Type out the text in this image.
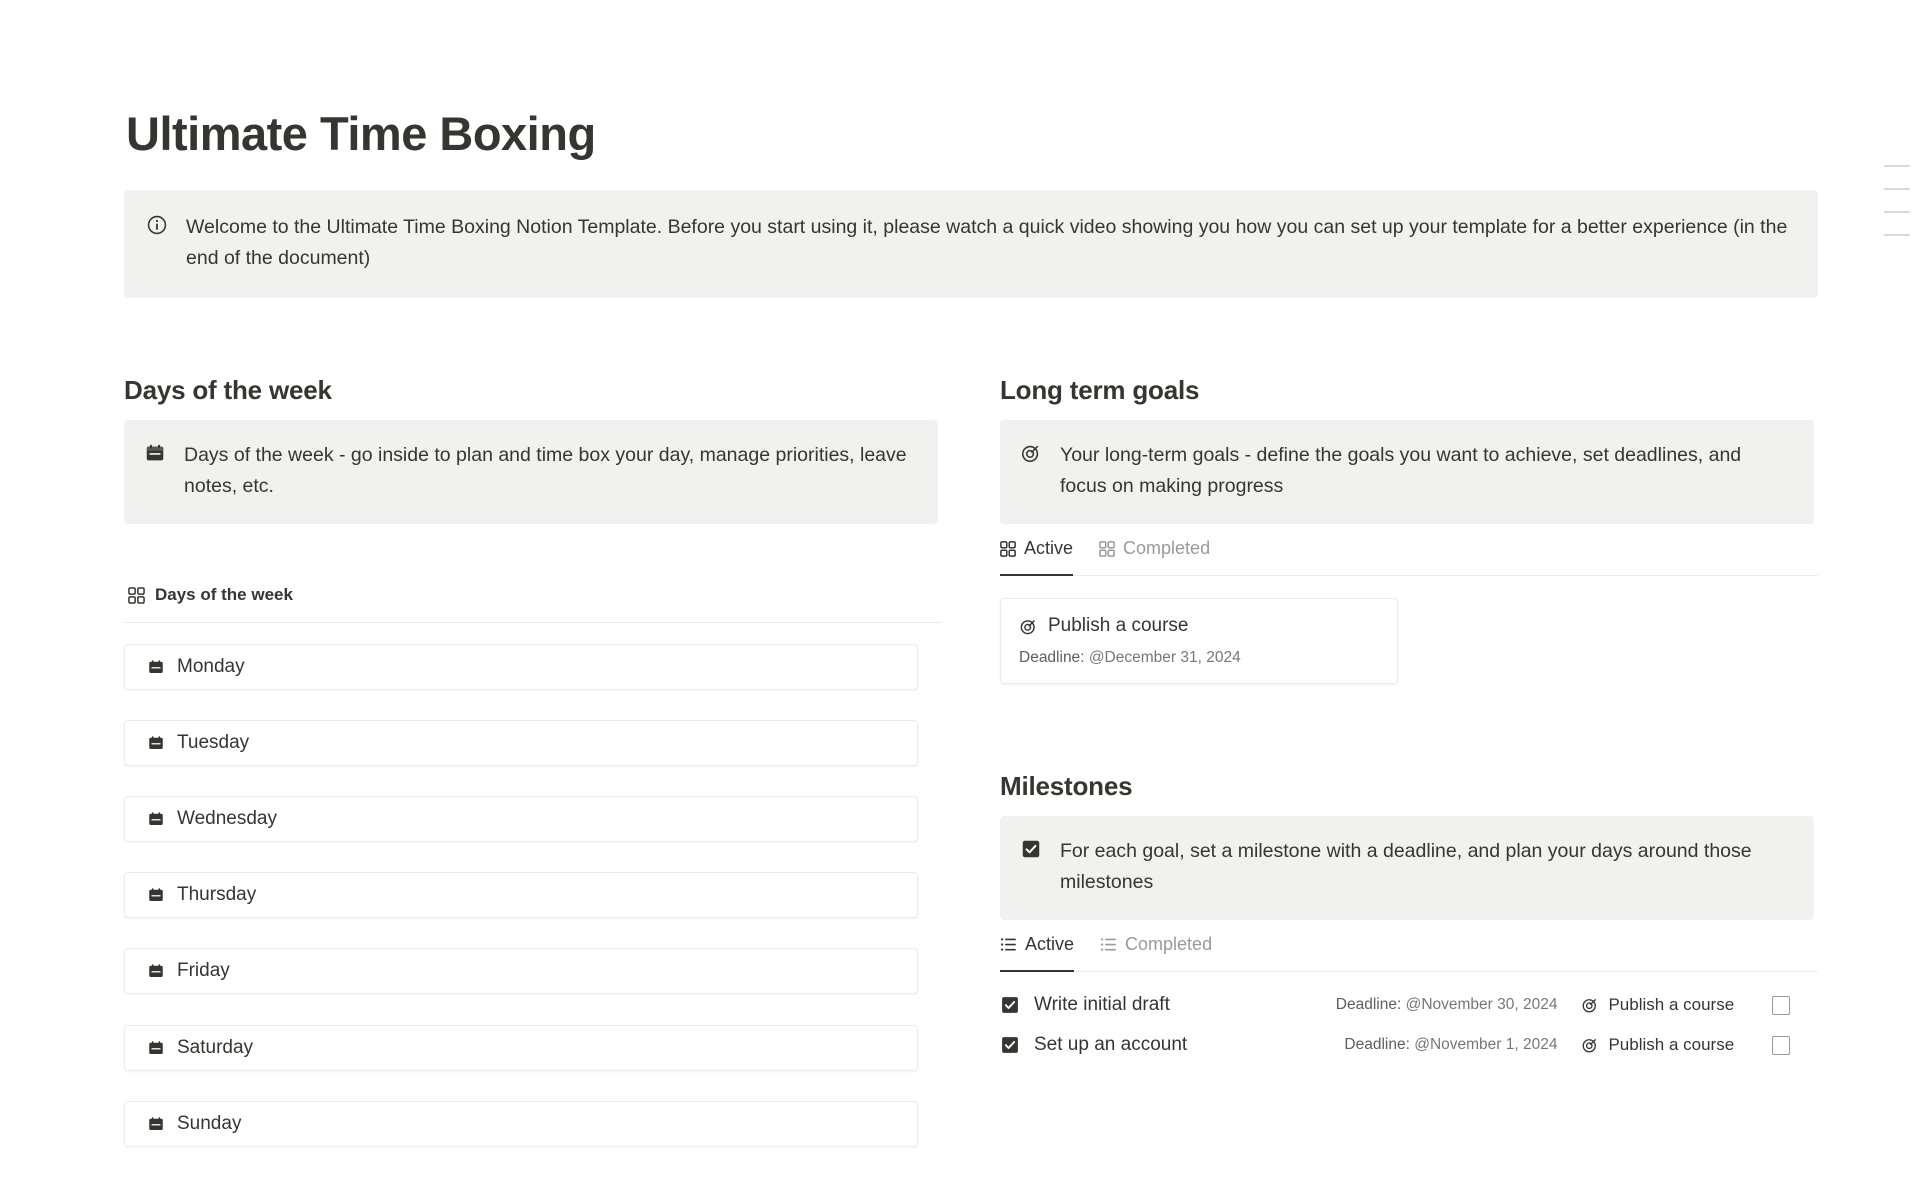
Ultimate Time Boxing
Welcome to the Ultimate Time Boxing Notion Template. Before you start using it, please watch a quick video showing you how you can set up your template for a better experience (in the end of the document)
Days of the week
Days of the week - go inside to plan and time box your day, manage priorities, leave notes, etc.
Days of the week
Monday
Tuesday
Wednesday
Thursday
Friday
Saturday
Sunday
Long term goals
Your long-term goals - define the goals you want to achieve, set deadlines, and focus on making progress
Active	Completed
Publish a course
Deadline: @December 31, 2024
Milestones
For each goal, set a milestone with a deadline, and plan your days around those milestones
Active	Completed
Write initial draft	Deadline: @November 30, 2024	Publish a course
Set up an account	Deadline: @November 1, 2024	Publish a course
